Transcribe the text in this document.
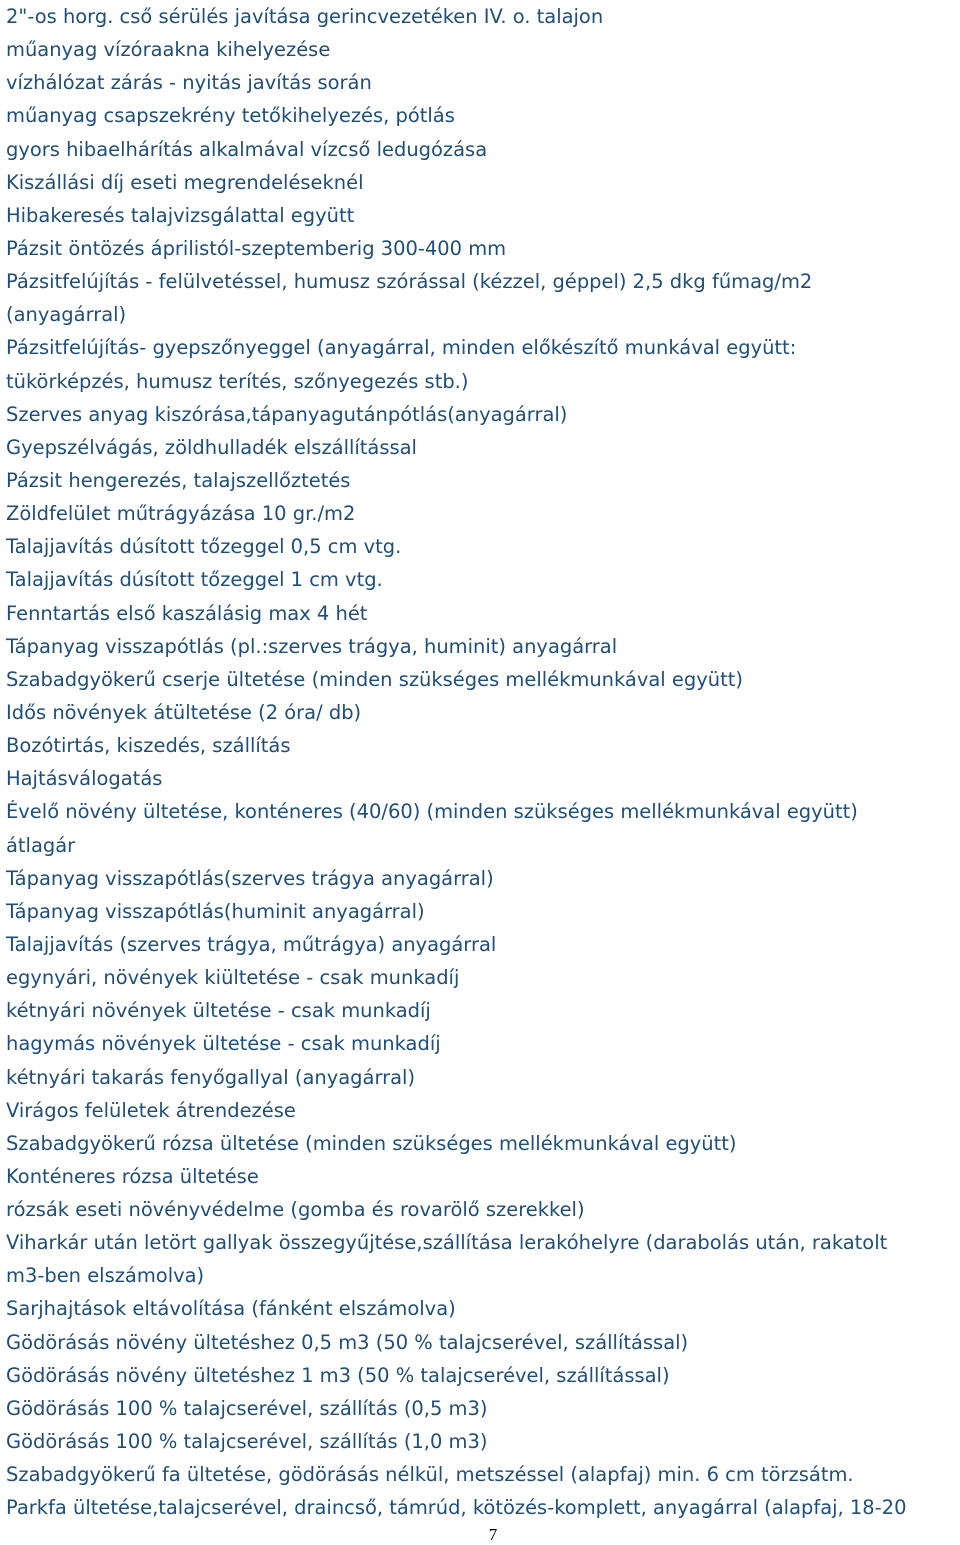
2"-os horg. cső sérülés javítása gerincvezetéken IV. o. talajon
műanyag vízóraakna kihelyezése
vízhálózat zárás - nyitás javítás során
műanyag csapszekrény tetőkihelyezés, pótlás
gyors hibaelhárítás alkalmával vízcső ledugózása
Kiszállási díj eseti megrendeléseknél
Hibakeresés talajvizsgálattal együtt
Pázsit öntözés áprilistól-szeptemberig 300-400 mm
Pázsitfelújítás - felülvetéssel, humusz szórással (kézzel, géppel) 2,5 dkg fűmag/m2
(anyagárral)
Pázsitfelújítás- gyepszőnyeggel (anyagárral, minden előkészítő munkával együtt:
tükörképzés, humusz terítés, szőnyegezés stb.)
Szerves anyag kiszórása,tápanyagutánpótlás(anyagárral)
Gyepszélvágás, zöldhulladék elszállítással
Pázsit hengerezés, talajszellőztetés
Zöldfelület műtrágyázása 10 gr./m2
Talajjavítás dúsított tőzeggel 0,5 cm vtg.
Talajjavítás dúsított tőzeggel 1 cm vtg.
Fenntartás első kaszálásig max 4 hét
Tápanyag visszapótlás (pl.:szerves trágya, huminit) anyagárral
Szabadgyökerű cserje ültetése (minden szükséges mellékmunkával együtt)
Idős növények átültetése (2 óra/ db)
Bozótirtás, kiszedés, szállítás
Hajtásválogatás
Évelő növény ültetése, konténeres (40/60) (minden szükséges mellékmunkával együtt)
átlagár
Tápanyag visszapótlás(szerves trágya anyagárral)
Tápanyag visszapótlás(huminit anyagárral)
Talajjavítás (szerves trágya, műtrágya) anyagárral
egynyári, növények kiültetése - csak munkadíj
kétnyári növények ültetése - csak munkadíj
hagymás növények ültetése - csak munkadíj
kétnyári takarás fenyőgallyal (anyagárral)
Virágos felületek átrendezése
Szabadgyökerű rózsa ültetése (minden szükséges mellékmunkával együtt)
Konténeres rózsa ültetése
rózsák eseti növényvédelme (gomba és rovarölő szerekkel)
Viharkár után letört gallyak összegyűjtése,szállítása lerakóhelyre (darabolás után, rakatolt
m3-ben elszámolva)
Sarjhajtások eltávolítása (fánként elszámolva)
Gödörásás növény ültetéshez 0,5 m3 (50 % talajcserével, szállítással)
Gödörásás növény ültetéshez 1 m3 (50 % talajcserével, szállítással)
Gödörásás 100 % talajcserével, szállítás (0,5 m3)
Gödörásás 100 % talajcserével, szállítás (1,0 m3)
Szabadgyökerű fa ültetése, gödörásás nélkül, metszéssel (alapfaj) min. 6 cm törzsátm.
Parkfa ültetése,talajcserével, draincső, támrúd, kötözés-komplett, anyagárral (alapfaj, 18-20
7
